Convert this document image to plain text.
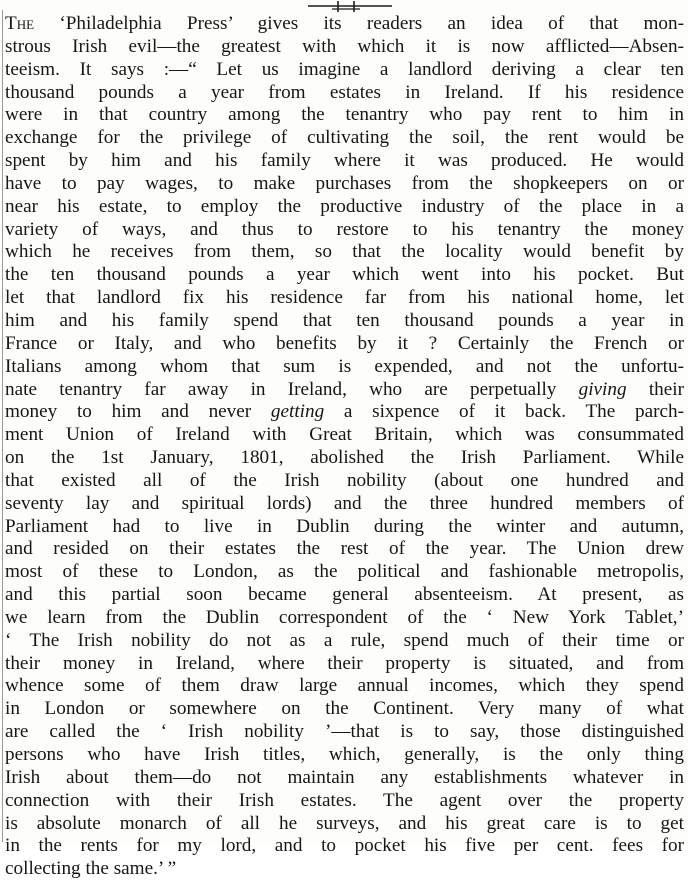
The ‘Philadelphia Press’ gives its readers an idea of that mon-
strous Irish evil—the greatest with which it is now afflicted—Absen-
teeism. It says :—“ Let us imagine a landlord deriving a clear ten
thousand pounds a year from estates in Ireland. If his residence
were in that country among the tenantry who pay rent to him in
exchange for the privilege of cultivating the soil, the rent would be
spent by him and his family where it was produced. He would
have to pay wages, to make purchases from the shopkeepers on or
near his estate, to employ the productive industry of the place in a
variety of ways, and thus to restore to his tenantry the money
which he receives from them, so that the locality would benefit by
the ten thousand pounds a year which went into his pocket. But
let that landlord fix his residence far from his national home, let
him and his family spend that ten thousand pounds a year in
France or Italy, and who benefits by it ? Certainly the French or
Italians among whom that sum is expended, and not the unfortu-
nate tenantry far away in Ireland, who are perpetually giving their
money to him and never getting a sixpence of it back. The parch-
ment Union of Ireland with Great Britain, which was consummated
on the 1st January, 1801, abolished the Irish Parliament. While
that existed all of the Irish nobility (about one hundred and
seventy lay and spiritual lords) and the three hundred members of
Parliament had to live in Dublin during the winter and autumn,
and resided on their estates the rest of the year. The Union drew
most of these to London, as the political and fashionable metropolis,
and this partial soon became general absenteeism. At present, as
we learn from the Dublin correspondent of the ‘ New York Tablet,’
‘ The Irish nobility do not as a rule, spend much of their time or
their money in Ireland, where their property is situated, and from
whence some of them draw large annual incomes, which they spend
in London or somewhere on the Continent. Very many of what
are called the ‘ Irish nobility ’—that is to say, those distinguished
persons who have Irish titles, which, generally, is the only thing
Irish about them—do not maintain any establishments whatever in
connection with their Irish estates. The agent over the property
is absolute monarch of all he surveys, and his great care is to get
in the rents for my lord, and to pocket his five per cent. fees for
collecting the same.’ ”
